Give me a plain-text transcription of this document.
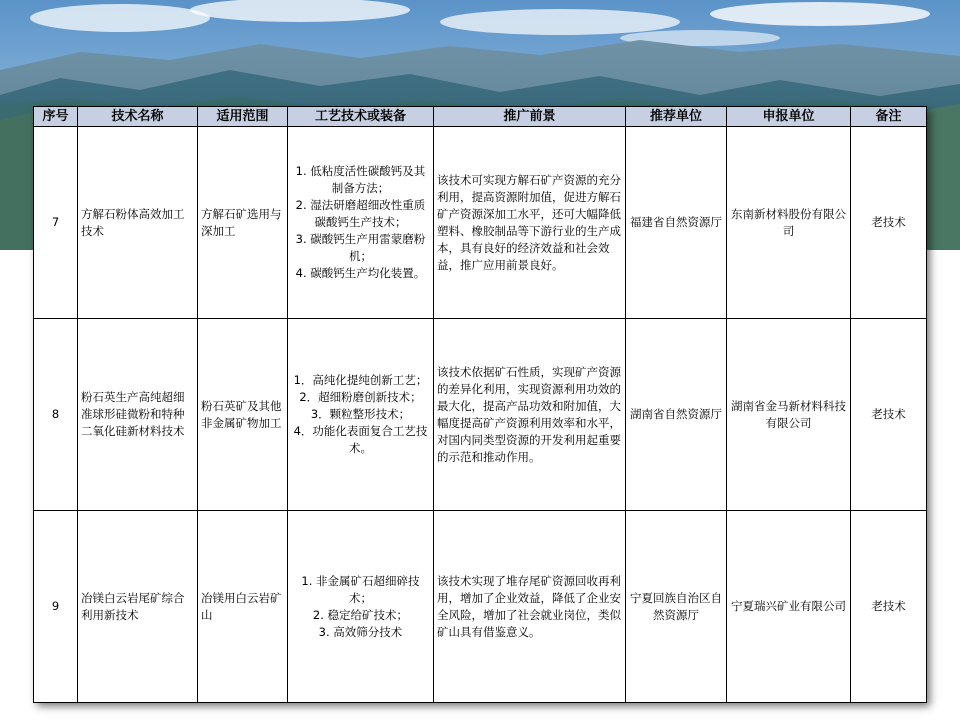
序号	技术名称	适用范围	工艺技术或装备	推广前景	推荐单位	申报单位	备注
7	方解石粉体高效加工技术	方解石矿选用与深加工	1. 低粘度活性碳酸钙及其制备方法；
2. 湿法研磨超细改性重质碳酸钙生产技术；
3. 碳酸钙生产用雷蒙磨粉机；
4. 碳酸钙生产均化装置。	该技术可实现方解石矿产资源的充分利用，提高资源附加值，促进方解石矿产资源深加工水平，还可大幅降低塑料、橡胶制品等下游行业的生产成本，具有良好的经济效益和社会效益，推广应用前景良好。	福建省自然资源厅	东南新材料股份有限公司	老技术
8	粉石英生产高纯超细准球形硅微粉和特种二氧化硅新材料技术	粉石英矿及其他非金属矿物加工	1．高纯化提纯创新工艺；
2．超细粉磨创新技术；
3．颗粒整形技术；
4．功能化表面复合工艺技术。	该技术依据矿石性质，实现矿产资源的差异化利用，实现资源利用功效的最大化，提高产品功效和附加值，大幅度提高矿产资源利用效率和水平，对国内同类型资源的开发利用起重要的示范和推动作用。	湖南省自然资源厅	湖南省金马新材料科技有限公司	老技术
9	冶镁白云岩尾矿综合利用新技术	冶镁用白云岩矿山	1. 非金属矿石超细碎技术；
2. 稳定给矿技术；
3. 高效筛分技术	该技术实现了堆存尾矿资源回收再利用，增加了企业效益，降低了企业安全风险，增加了社会就业岗位，类似矿山具有借鉴意义。	宁夏回族自治区自然资源厅	宁夏瑞兴矿业有限公司	老技术
